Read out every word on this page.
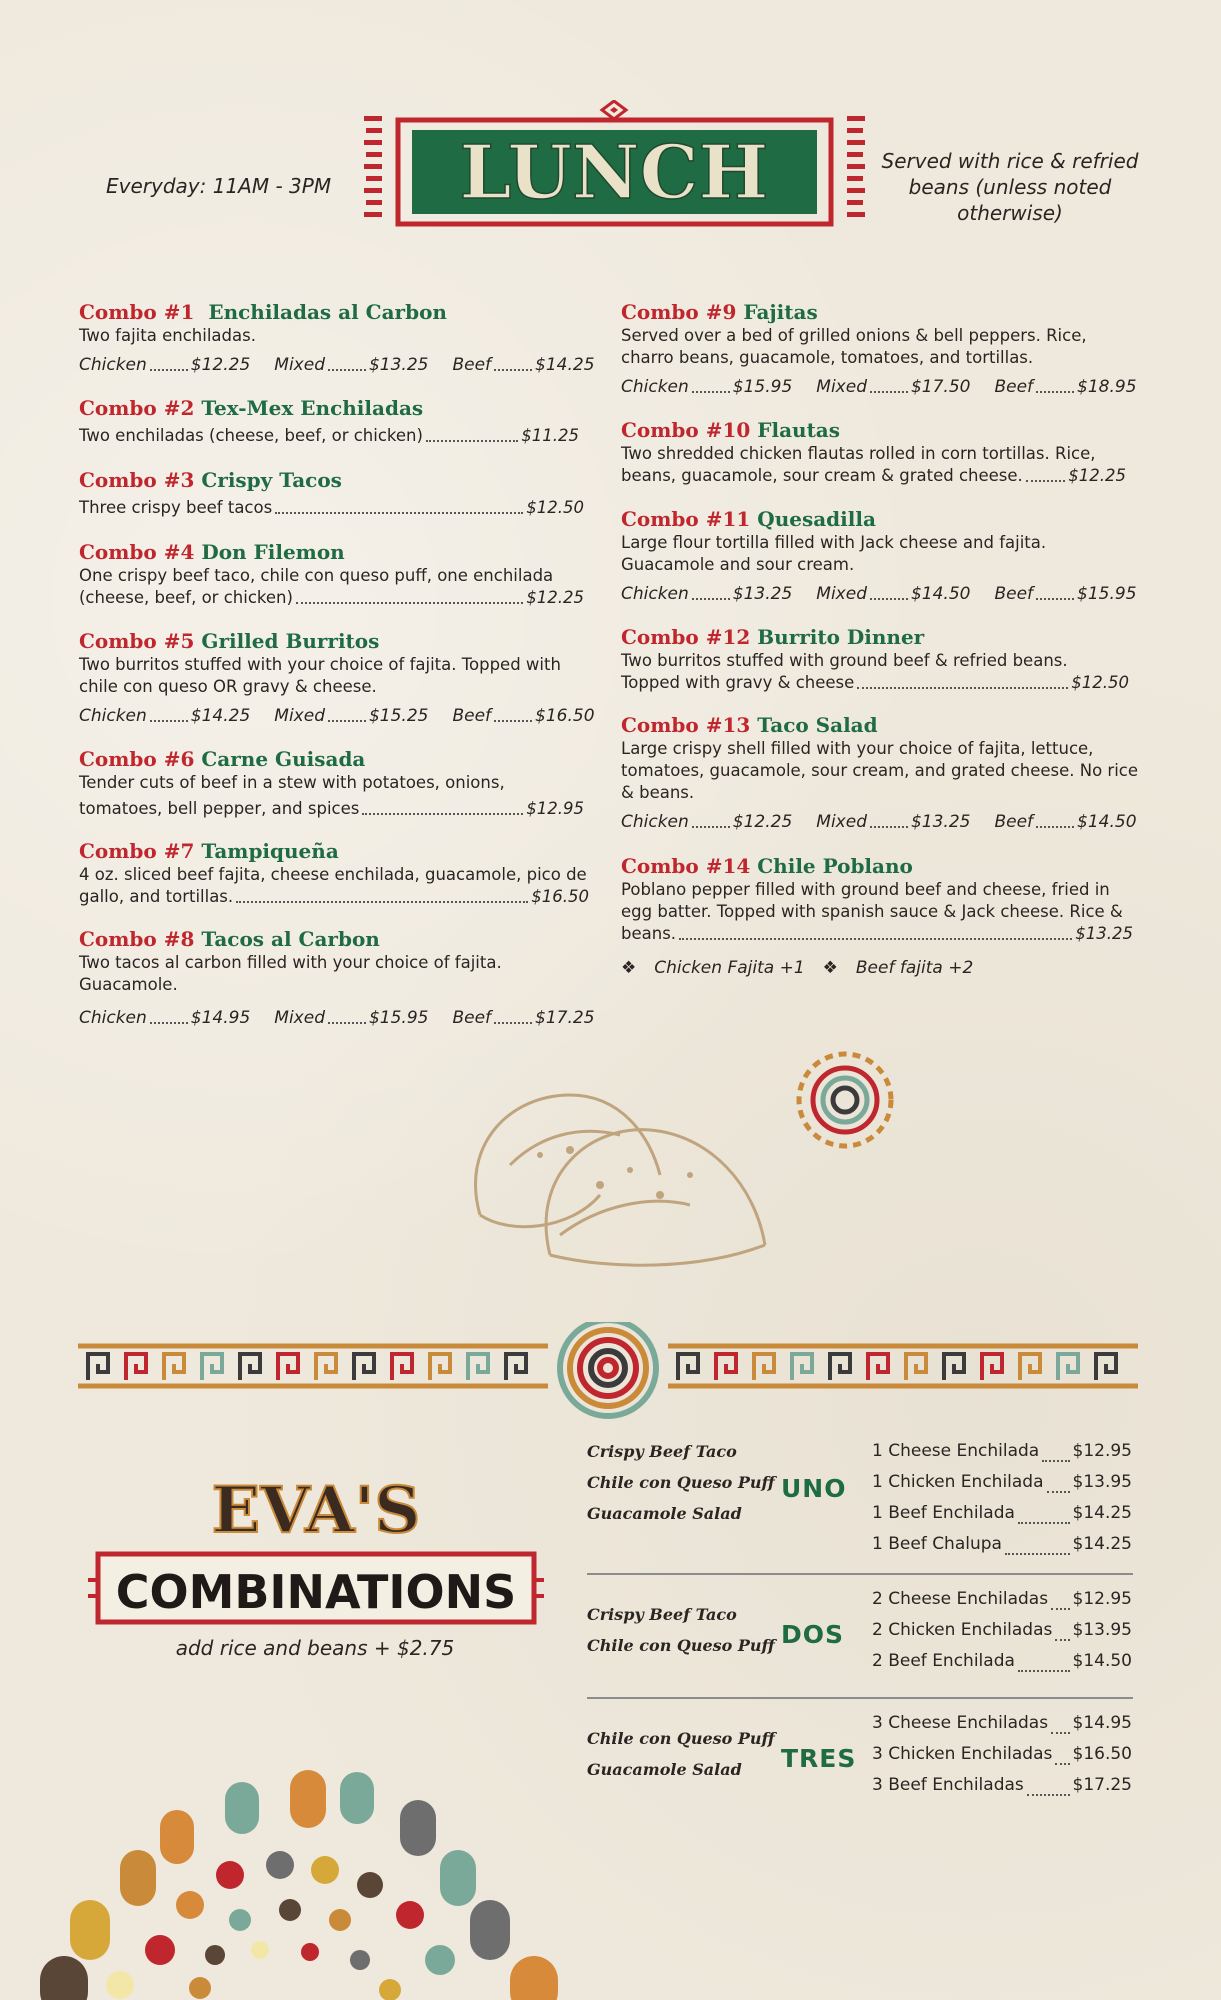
Everyday: 11AM - 3PM LUNCH	Served with rice & refried beans (unless noted otherwise)
Combo #1 Enchiladas al Carbon
Two fajita enchiladas.
Chicken	$12.25 Mixed	$13.25 Beef	$14.25
Combo #2 Tex-Mex Enchiladas
Two enchiladas (cheese, beef, or chicken)	$11.25
Combo #3 Crispy Tacos
Three crispy beef tacos	$12.50
Combo #4 Don Filemon
One crispy beef taco, chile con queso puff, one enchilada
(cheese, beef, or chicken)	$12.25
Combo #5 Grilled Burritos
Two burritos stuffed with your choice of fajita. Topped with chile con queso OR gravy & cheese.
Chicken	$14.25 Mixed	$15.25 Beef	$16.50
Combo #6 Carne Guisada
Tender cuts of beef in a stew with potatoes, onions,
tomatoes, bell pepper, and spices	$12.95
Combo #7 Tampiqueña
4 oz. sliced beef fajita, cheese enchilada, guacamole, pico de
gallo, and tortillas.	$16.50
Combo #8 Tacos al Carbon
Two tacos al carbon filled with your choice of fajita. Guacamole.
Chicken	$14.95 Mixed	$15.95 Beef	$17.25
Combo #9 Fajitas
Served over a bed of grilled onions & bell peppers. Rice, charro beans, guacamole, tomatoes, and tortillas.
Chicken	$15.95 Mixed	$17.50 Beef	$18.95
Combo #10 Flautas
Two shredded chicken flautas rolled in corn tortillas. Rice,
beans, guacamole, sour cream & grated cheese.	$12.25
Combo #11 Quesadilla
Large flour tortilla filled with Jack cheese and fajita. Guacamole and sour cream.
Chicken	$13.25 Mixed	$14.50 Beef	$15.95
Combo #12 Burrito Dinner
Two burritos stuffed with ground beef & refried beans.
Topped with gravy & cheese	$12.50
Combo #13 Taco Salad
Large crispy shell filled with your choice of fajita, lettuce, tomatoes, guacamole, sour cream, and grated cheese. No rice & beans.
Chicken	$12.25 Mixed	$13.25 Beef	$14.50
Combo #14 Chile Poblano
Poblano pepper filled with ground beef and cheese, fried in egg batter. Topped with spanish sauce & Jack cheese. Rice &
beans.	$13.25
❖ Chicken Fajita +1 ❖ Beef fajita +2
EVA'S
COMBINATIONS
add rice and beans + $2.75
Crispy Beef Taco
Chile con Queso Puff
Guacamole Salad
UNO
1 Cheese Enchilada $12.95
1 Chicken Enchilada $13.95
1 Beef Enchilada	$14.25
1 Beef Chalupa	$14.25
Crispy Beef Taco
Chile con Queso Puff DOS
2 Cheese Enchiladas $12.95
2 Chicken Enchiladas $13.95
2 Beef Enchilada	$14.50
Chile con Queso Puff
Guacamole Salad	TRES
3 Cheese Enchiladas $14.95
3 Chicken Enchiladas $16.50
3 Beef Enchiladas	$17.25
